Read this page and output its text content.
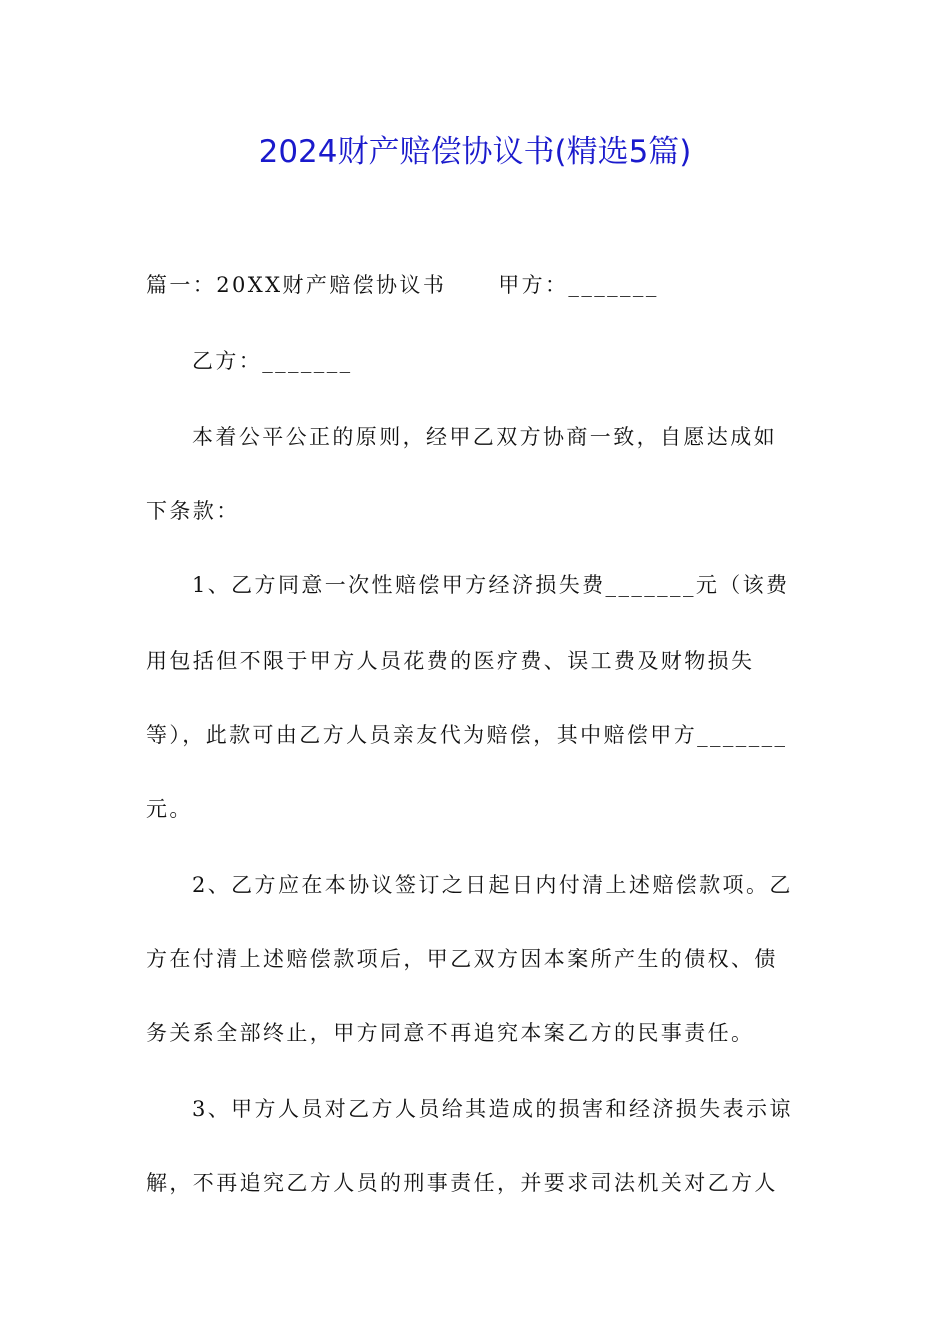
2024财产赔偿协议书(精选5篇)
篇一：20XX财产赔偿协议书 甲方：_______
乙方：_______
本着公平公正的原则，经甲乙双方协商一致，自愿达成如
下条款：
1、乙方同意一次性赔偿甲方经济损失费_______元（该费
用包括但不限于甲方人员花费的医疗费、误工费及财物损失
等），此款可由乙方人员亲友代为赔偿，其中赔偿甲方_______
元。
2、乙方应在本协议签订之日起日内付清上述赔偿款项。乙
方在付清上述赔偿款项后，甲乙双方因本案所产生的债权、债
务关系全部终止，甲方同意不再追究本案乙方的民事责任。
3、甲方人员对乙方人员给其造成的损害和经济损失表示谅
解，不再追究乙方人员的刑事责任，并要求司法机关对乙方人
